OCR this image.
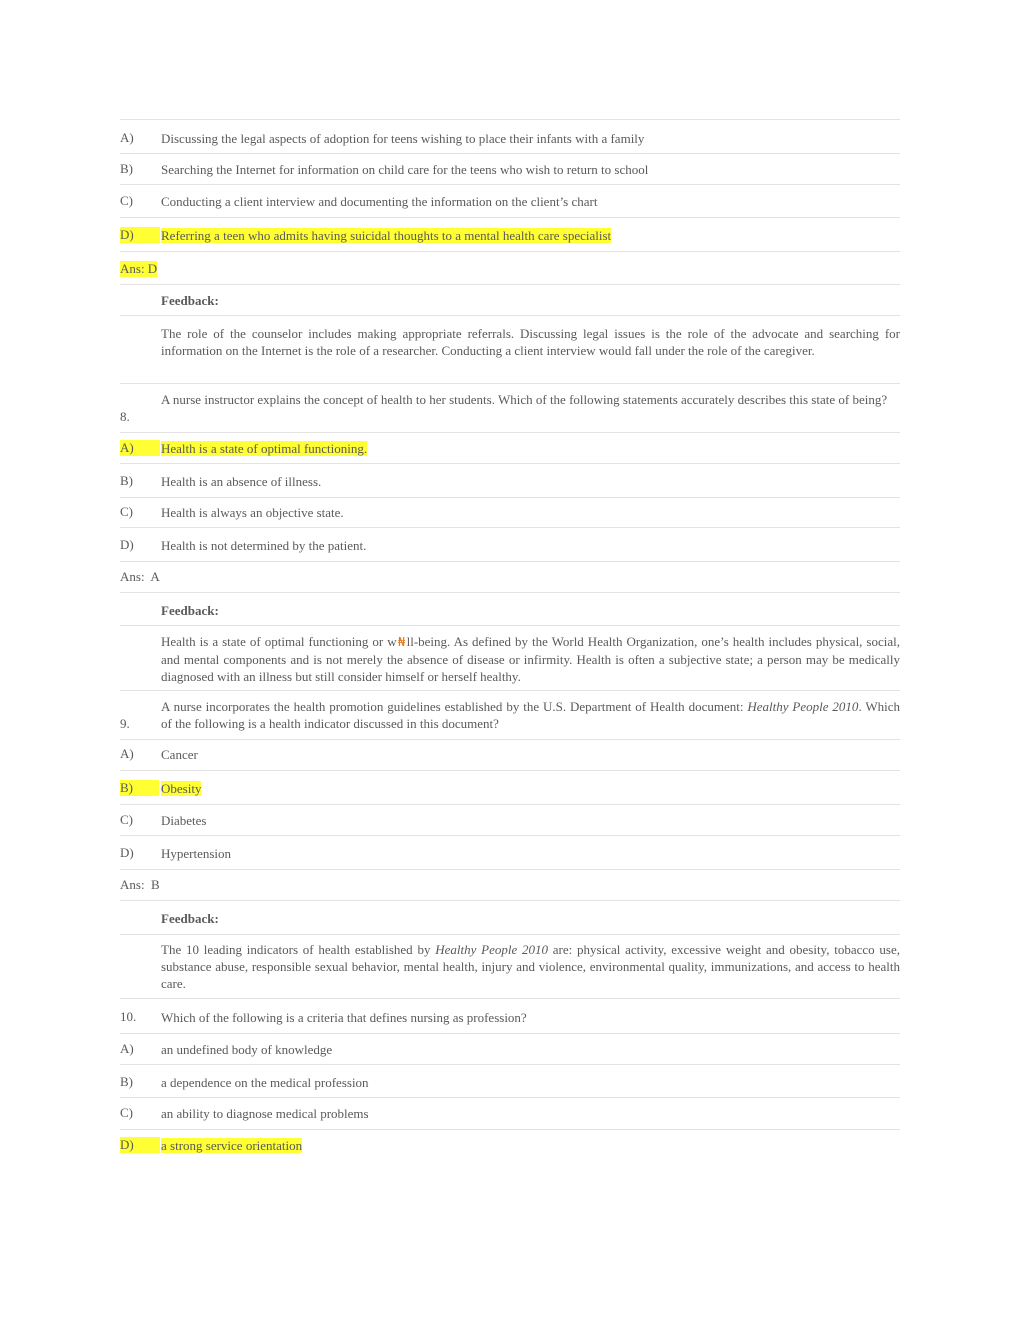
A) Discussing the legal aspects of adoption for teens wishing to place their infants with a family
B) Searching the Internet for information on child care for the teens who wish to return to school
C) Conducting a client interview and documenting the information on the client’s chart
D)	Referring a teen who admits having suicidal thoughts to a mental health care specialist
Ans: D
Feedback:
The role of the counselor includes making appropriate referrals. Discussing legal issues is the role of the advocate and searching for information on the Internet is the role of a researcher. Conducting a client interview would fall under the role of the caregiver.
8.
A nurse instructor explains the concept of health to her students. Which of the following statements accurately describes this state of being?
A)	Health is a state of optimal functioning.
B) Health is an absence of illness.
C) Health is always an objective state.
D) Health is not determined by the patient.
Ans:  A
Feedback:
Health is a state of optimal functioning or w₦ll-being. As defined by the World Health Organization, one’s health includes physical, social, and mental components and is not merely the absence of disease or infirmity. Health is often a subjective state; a person may be medically diagnosed with an illness but still consider himself or herself healthy.
9.
A nurse incorporates the health promotion guidelines established by the U.S. Department of Health document: Healthy People 2010. Which of the following is a health indicator discussed in this document?
A) Cancer
B)	Obesity
C) Diabetes
D) Hypertension
Ans:  B
Feedback:
The 10 leading indicators of health established by Healthy People 2010 are: physical activity, excessive weight and obesity, tobacco use, substance abuse, responsible sexual behavior, mental health, injury and violence, environmental quality, immunizations, and access to health care.
10. Which of the following is a criteria that defines nursing as profession?
A) an undefined body of knowledge
B) a dependence on the medical profession
C) an ability to diagnose medical problems
D)	a strong service orientation
